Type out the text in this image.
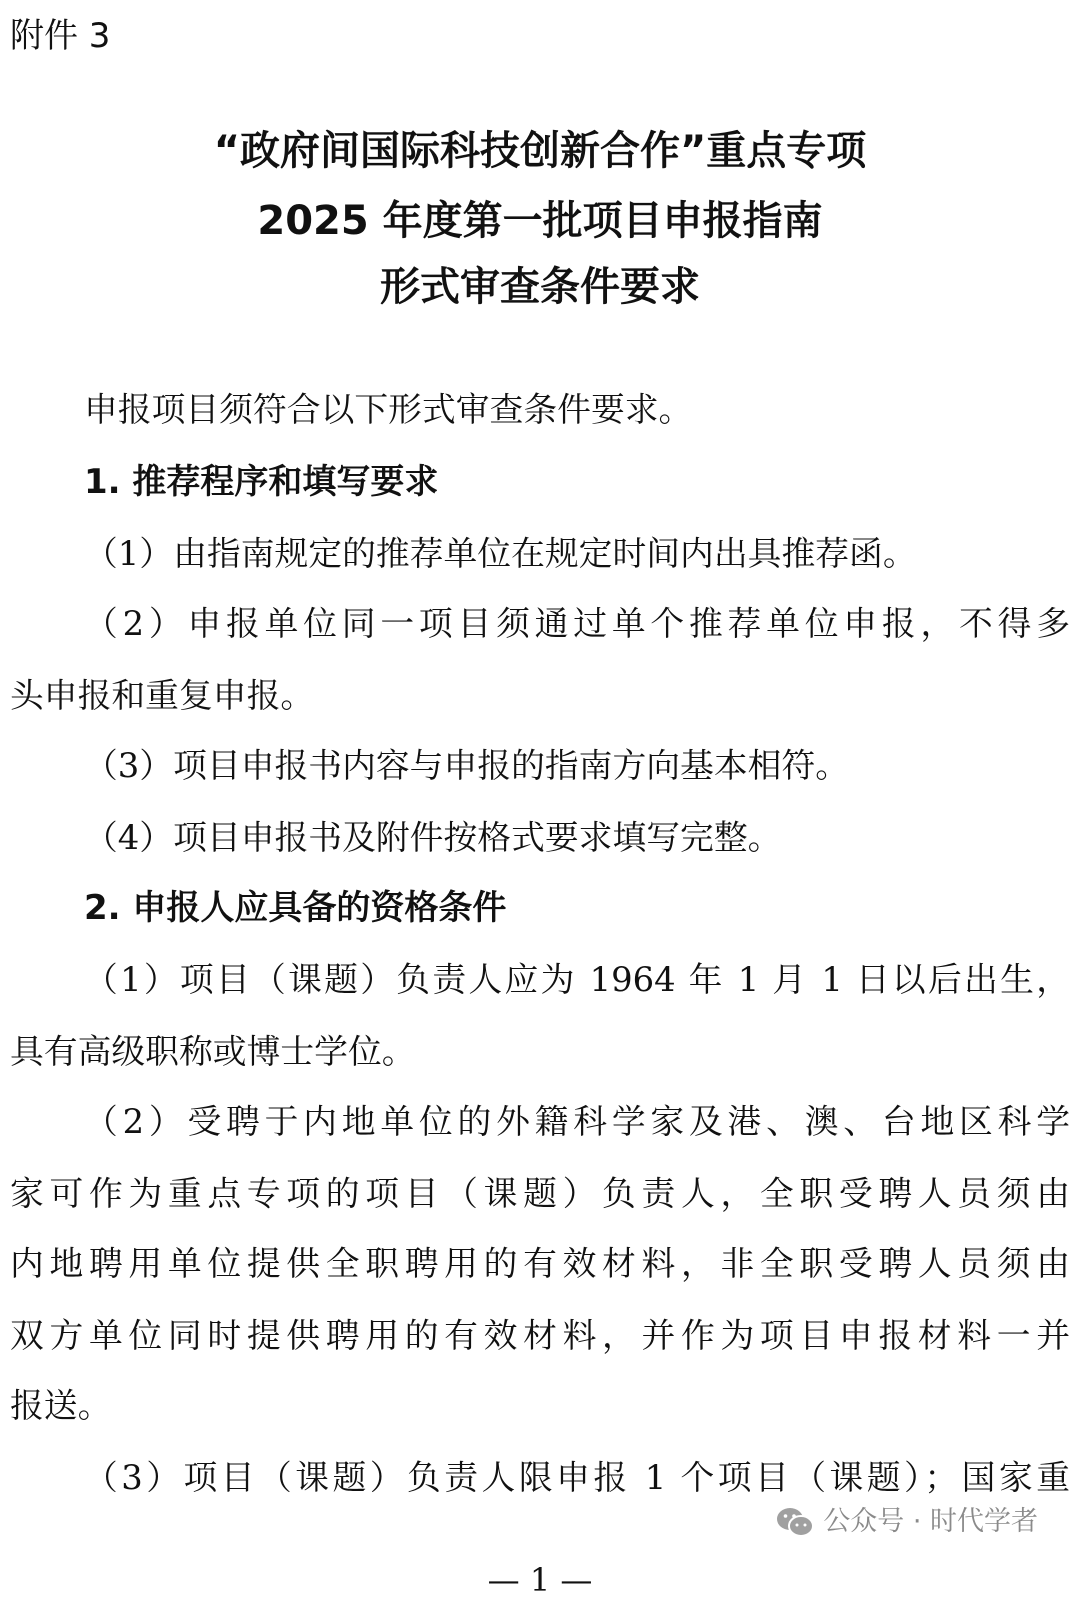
附件 3
“政府间国际科技创新合作”重点专项
2025 年度第一批项目申报指南
形式审查条件要求
申报项目须符合以下形式审查条件要求。
1. 推荐程序和填写要求
（1）由指南规定的推荐单位在规定时间内出具推荐函。
（2）申报单位同一项目须通过单个推荐单位申报，不得多
头申报和重复申报。
（3）项目申报书内容与申报的指南方向基本相符。
（4）项目申报书及附件按格式要求填写完整。
2. 申报人应具备的资格条件
（1）项目（课题）负责人应为 1964 年 1 月 1 日以后出生，
具有高级职称或博士学位。
（2）受聘于内地单位的外籍科学家及港、澳、台地区科学
家可作为重点专项的项目（课题）负责人，全职受聘人员须由
内地聘用单位提供全职聘用的有效材料，非全职受聘人员须由
双方单位同时提供聘用的有效材料，并作为项目申报材料一并
报送。
（3）项目（课题）负责人限申报 1 个项目（课题）；国家重
公众号 · 时代学者
— 1 —
